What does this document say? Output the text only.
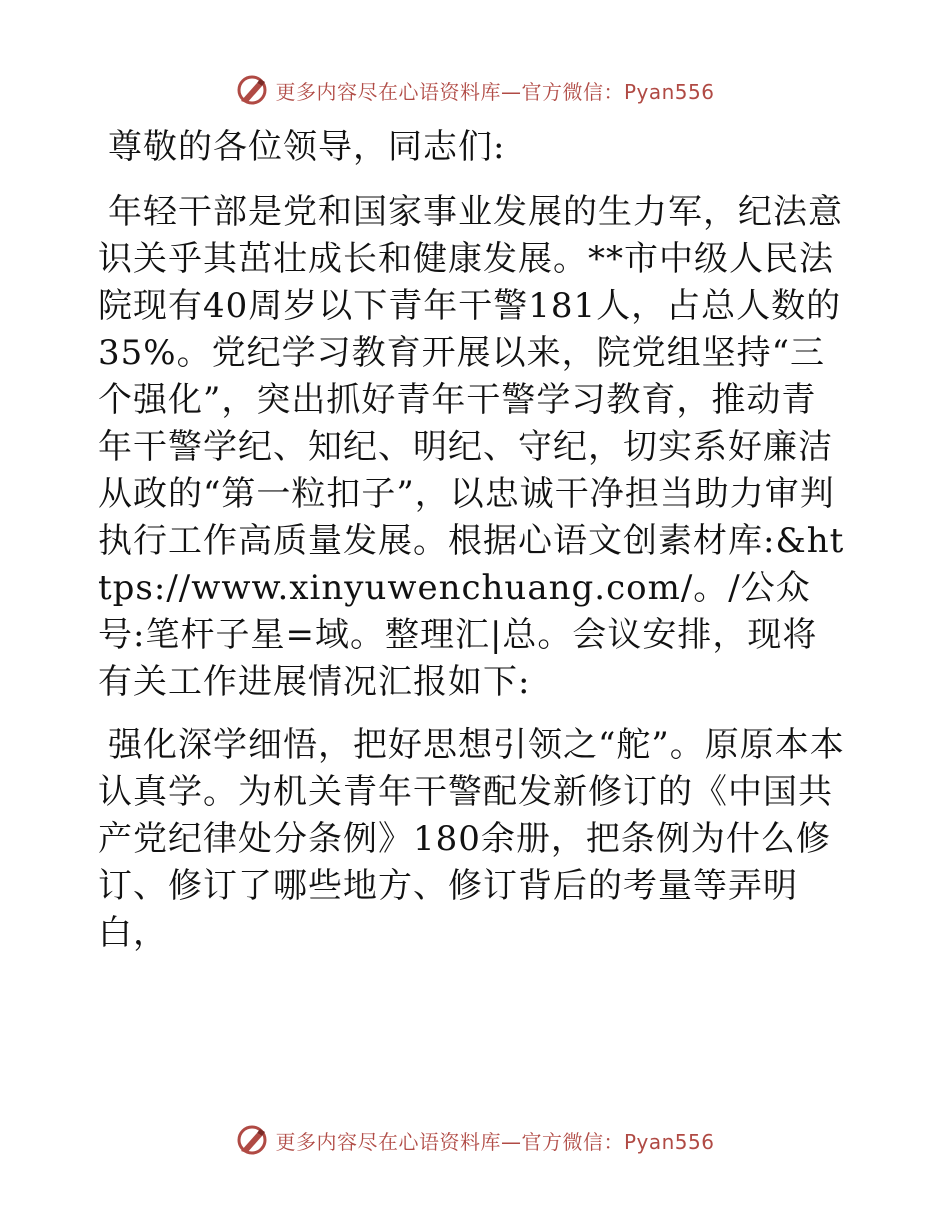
更多内容尽在心语资料库—官方微信：Pyan556

尊敬的各位领导，同志们:

年轻干部是党和国家事业发展的生力军，纪法意识关乎其茁壮成长和健康发展。**市中级人民法院现有40周岁以下青年干警181人，占总人数的35%。党纪学习教育开展以来，院党组坚持“三个强化”，突出抓好青年干警学习教育，推动青年干警学纪、知纪、明纪、守纪，切实系好廉洁从政的“第一粒扣子”，以忠诚干净担当助力审判执行工作高质量发展。根据心语文创素材库:&https://www.xinyuwenchuang.com/。/公众号:笔杆子星=域。整理汇|总。会议安排，现将有关工作进展情况汇报如下:

强化深学细悟，把好思想引领之“舵”。原原本本认真学。为机关青年干警配发新修订的《中国共产党纪律处分条例》180余册，把条例为什么修订、修订了哪些地方、修订背后的考量等弄明白，

更多内容尽在心语资料库—官方微信：Pyan556
